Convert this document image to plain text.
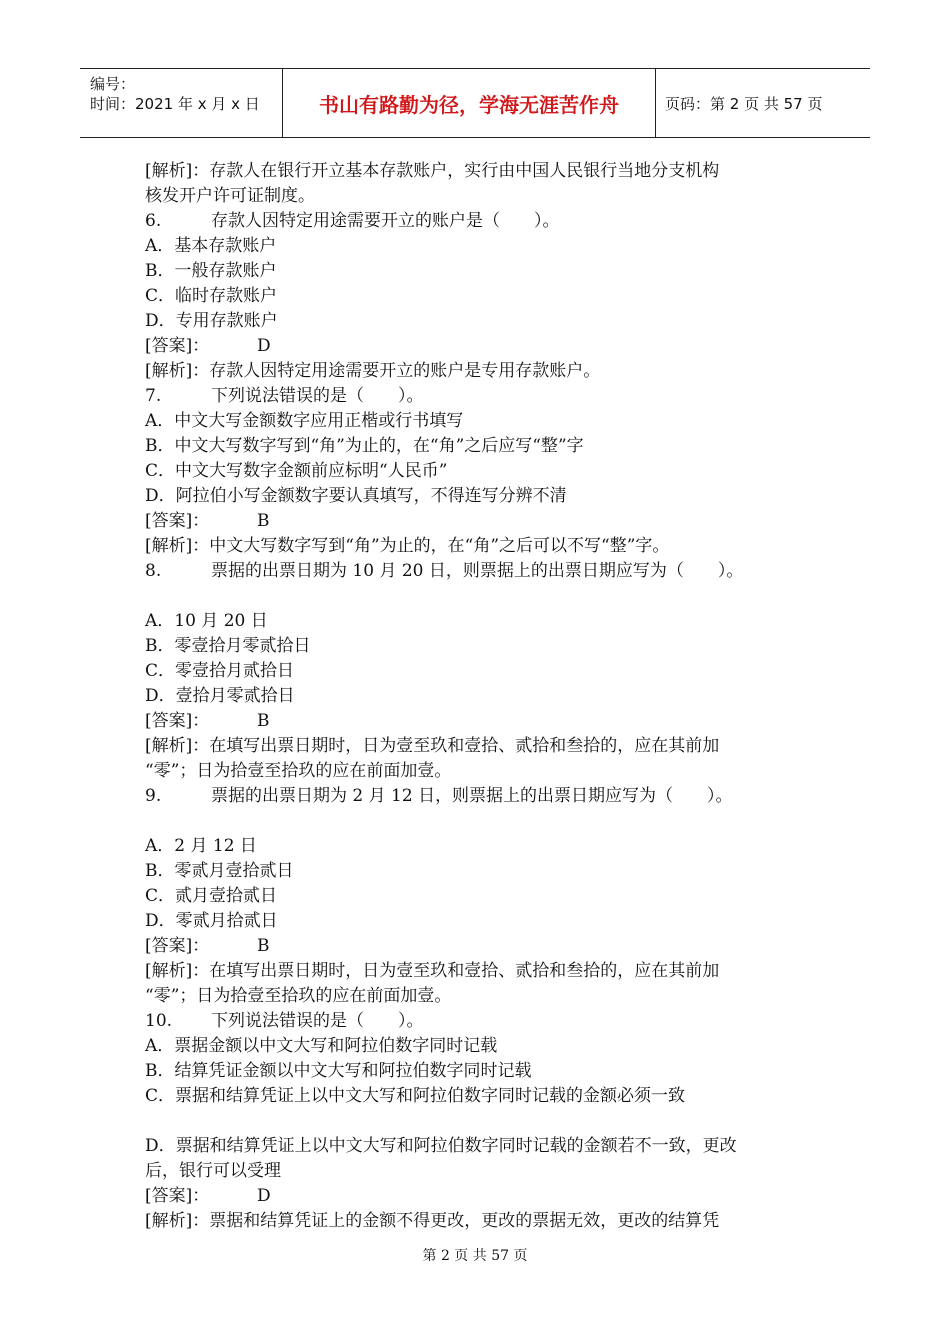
编号：
时间：2021 年 x 月 x 日	书山有路勤为径，学海无涯苦作舟	页码：第 2 页 共 57 页
[解析]：存款人在银行开立基本存款账户，实行由中国人民银行当地分支机构
核发开户许可证制度。
6.	存款人因特定用途需要开立的账户是（　　）。
A．基本存款账户
B．一般存款账户
C．临时存款账户
D．专用存款账户
[答案]：	D
[解析]：存款人因特定用途需要开立的账户是专用存款账户。
7.	下列说法错误的是（　　）。
A．中文大写金额数字应用正楷或行书填写
B．中文大写数字写到“角”为止的，在“角”之后应写“整”字
C．中文大写数字金额前应标明“人民币”
D．阿拉伯小写金额数字要认真填写，不得连写分辨不清
[答案]：	B
[解析]：中文大写数字写到“角”为止的，在“角”之后可以不写“整”字。
8.	票据的出票日期为 10 月 20 日，则票据上的出票日期应写为（　　）。
A．10 月 20 日
B．零壹拾月零贰拾日
C．零壹拾月贰拾日
D．壹拾月零贰拾日
[答案]：	B
[解析]：在填写出票日期时，日为壹至玖和壹拾、贰拾和叁拾的，应在其前加
“零”；日为拾壹至拾玖的应在前面加壹。
9.	票据的出票日期为 2 月 12 日，则票据上的出票日期应写为（　　）。
A．2 月 12 日
B．零贰月壹拾贰日
C．贰月壹拾贰日
D．零贰月拾贰日
[答案]：	B
[解析]：在填写出票日期时，日为壹至玖和壹拾、贰拾和叁拾的，应在其前加
“零”；日为拾壹至拾玖的应在前面加壹。
10. 下列说法错误的是（　　）。
A．票据金额以中文大写和阿拉伯数字同时记载
B．结算凭证金额以中文大写和阿拉伯数字同时记载
C．票据和结算凭证上以中文大写和阿拉伯数字同时记载的金额必须一致
D．票据和结算凭证上以中文大写和阿拉伯数字同时记载的金额若不一致，更改
后，银行可以受理
[答案]：	D
[解析]：票据和结算凭证上的金额不得更改，更改的票据无效，更改的结算凭
第 2 页 共 57 页
